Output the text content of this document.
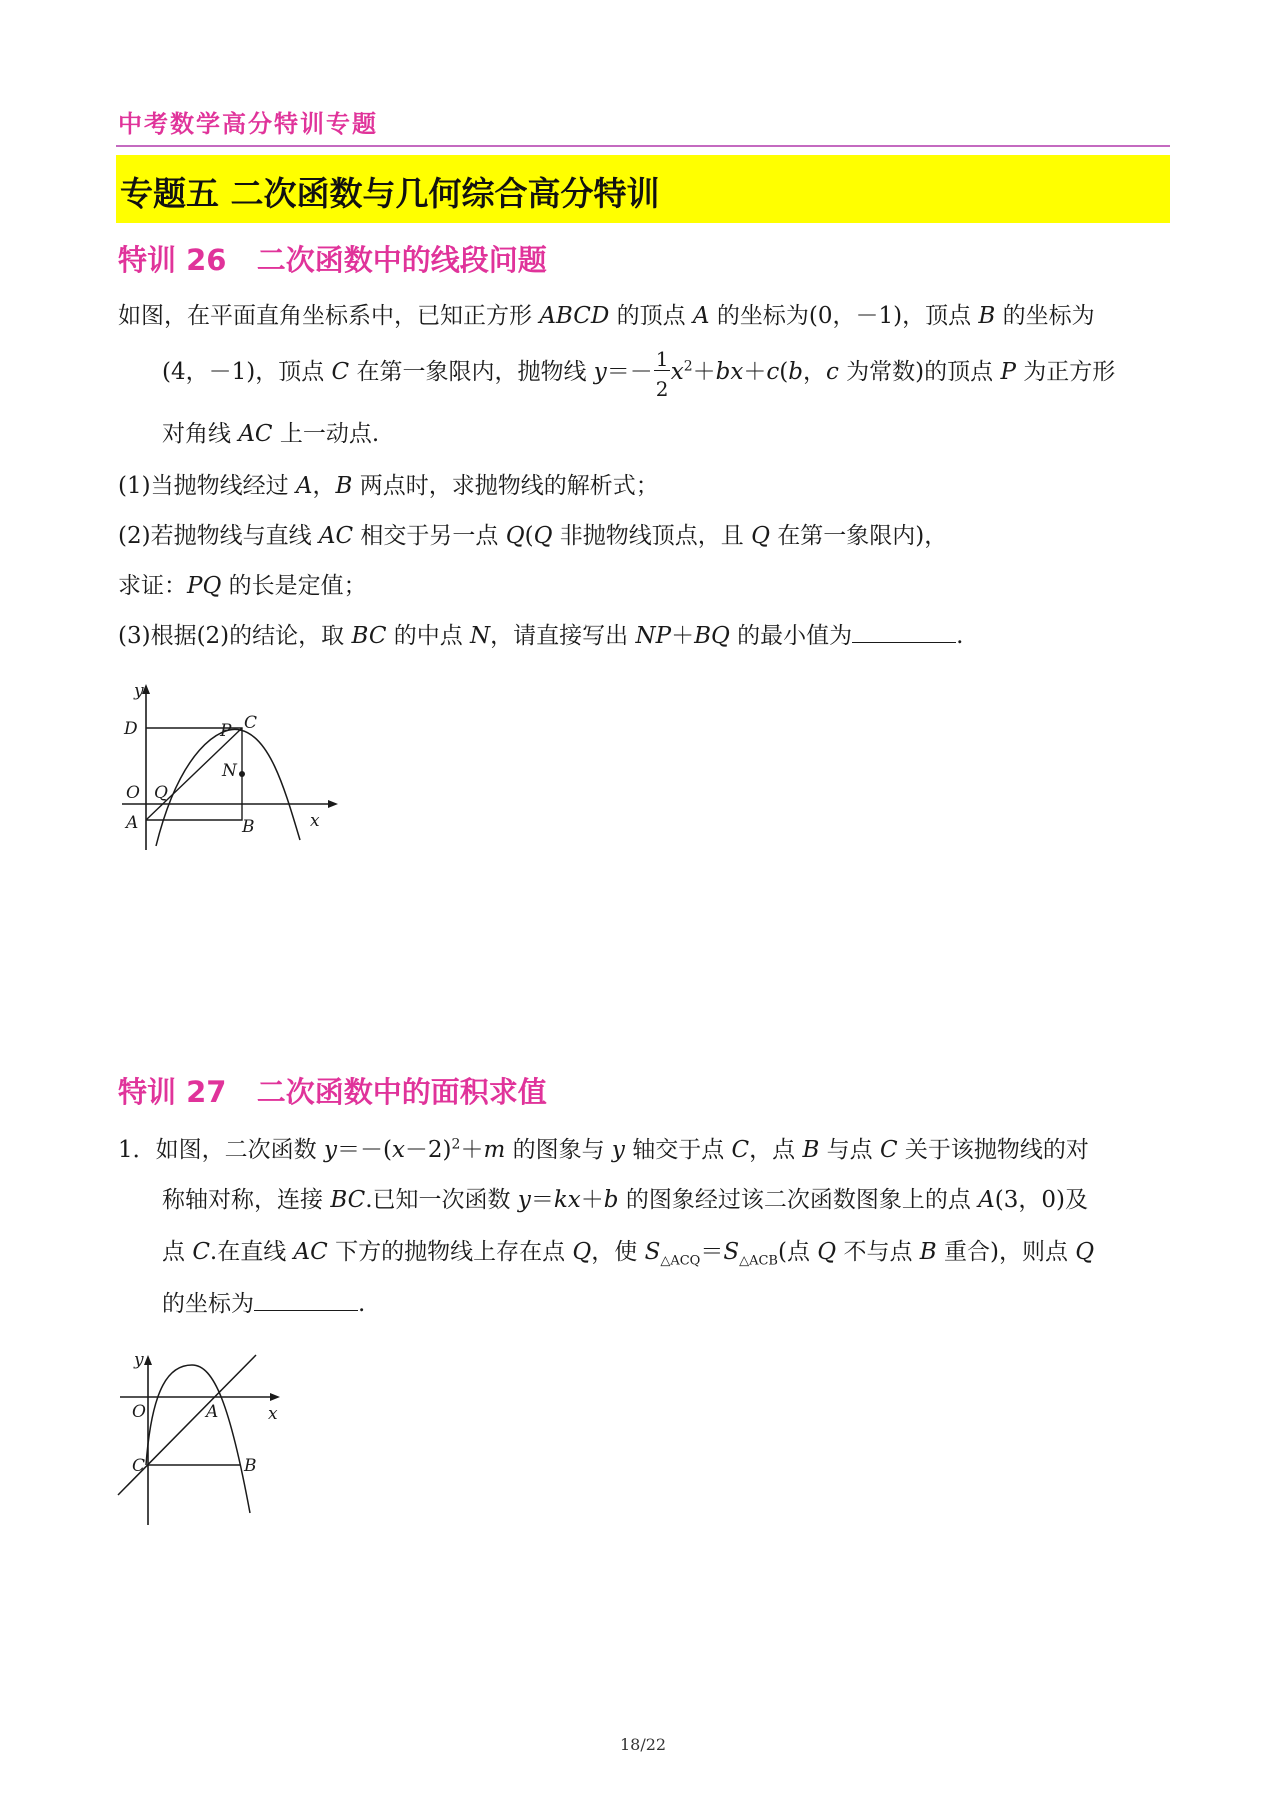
中考数学高分特训专题
专题五 二次函数与几何综合高分特训
特训 26 二次函数中的线段问题
如图，在平面直角坐标系中，已知正方形 ABCD 的顶点 A 的坐标为(0，－1)，顶点 B 的坐标为
(4，－1)，顶点 C 在第一象限内，抛物线 $y=- \frac{1}{2} x^2+bx+c(b$，c 为常数)的顶点 P 为正方形
对角线 AC 上一动点.
(1)当抛物线经过 A，B 两点时，求抛物线的解析式；
(2)若抛物线与直线 AC 相交于另一点 Q(Q 非抛物线顶点，且 Q 在第一象限内)，
求证：PQ 的长是定值；
(3)根据(2)的结论，取 BC 的中点 N，请直接写出 NP＋BQ 的最小值为	.
y
x
D	C
P
N
O Q
A	B
特训 27 二次函数中的面积求值
1．如图，二次函数 $y=-(x-2)^2+m$ 的图象与 y 轴交于点 C，点 B 与点 C 关于该抛物线的对
称轴对称，连接 BC.已知一次函数 y＝kx＋b 的图象经过该二次函数图象上的点 A(3，0)及
点 C.在直线 AC 下方的抛物线上存在点 Q，使 $S_{\triangle ACQ}=S_{\triangle ACB}$(点 Q 不与点 B 重合)，则点 Q
的坐标为	.
y
x
O	A
C	B
18/22
